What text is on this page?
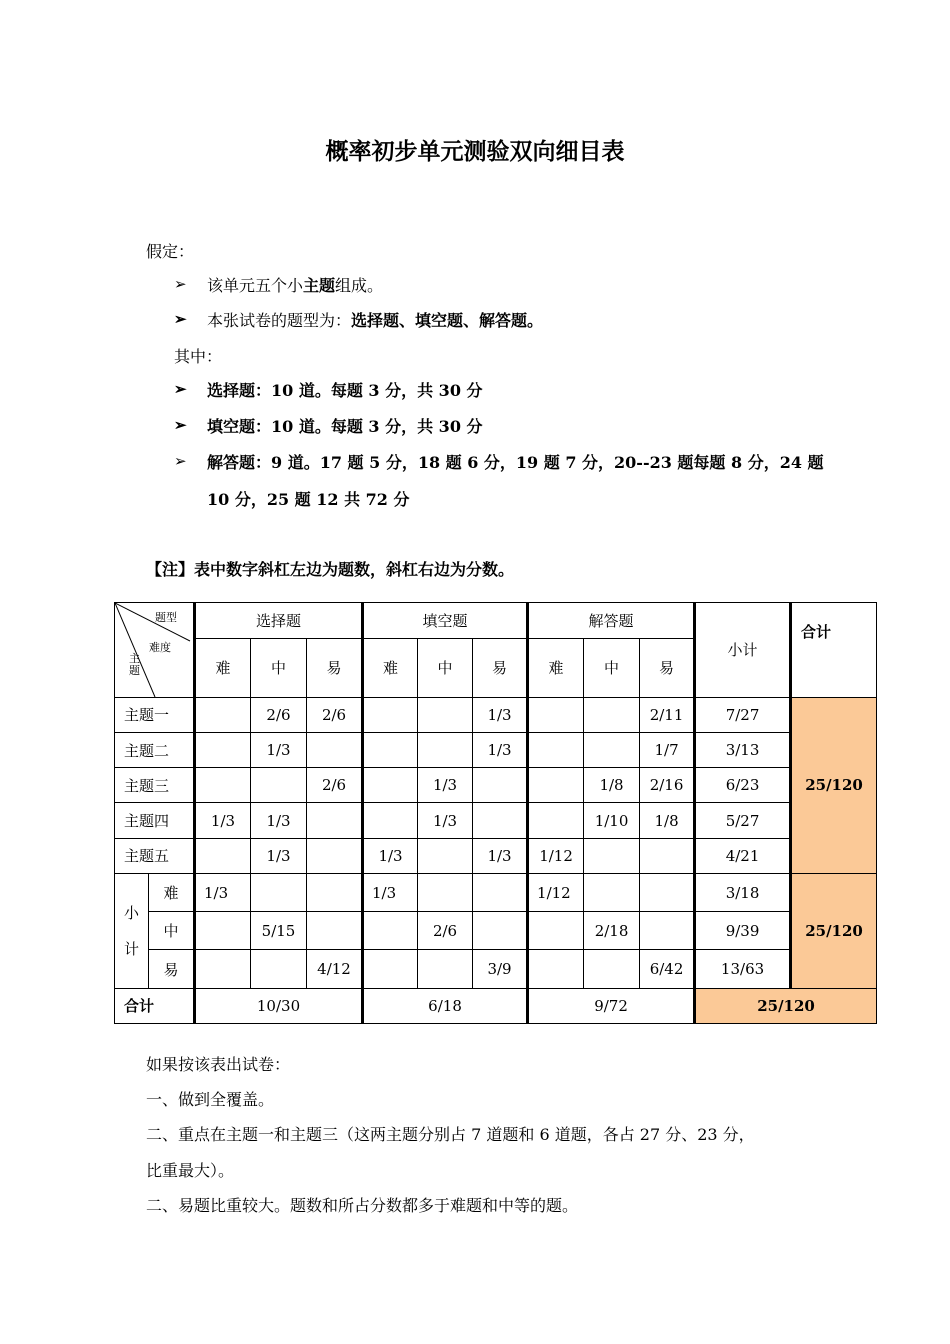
概率初步单元测验双向细目表
假定：
➢ 该单元五个小主题组成。
➢ 本张试卷的题型为：选择题、填空题、解答题。
其中：
➢ 选择题：10 道。每题 3 分，共 30 分
➢ 填空题：10 道。每题 3 分，共 30 分
➢ 解答题：9 道。17 题 5 分，18 题 6 分，19 题 7 分，20--23 题每题 8 分，24 题
10 分，25 题 12 共 72 分
【注】表中数字斜杠左边为题数，斜杠右边为分数。
题型
难度
主题		选择题			填空题			解答题			小计	合计
		难	中	易	难	中	易	难	中	易		
主题一			2/6	2/6			1/3			2/11	7/27	25/120
主题二			1/3				1/3			1/7	3/13	
主题三				2/6		1/3			1/8	2/16	6/23	
主题四		1/3	1/3			1/3			1/10	1/8	5/27	
主题五			1/3		1/3		1/3	1/12			4/21	
小 计	难	1/3			1/3			1/12			3/18	25/120
	中		5/15			2/6			2/18		9/39	
	易			4/12			3/9			6/42	13/63	
合计		10/30			6/18			9/72			25/120	
如果按该表出试卷：
一、做到全覆盖。
二、重点在主题一和主题三（这两主题分别占 7 道题和 6 道题，各占 27 分、23 分，
比重最大）。
二、易题比重较大。题数和所占分数都多于难题和中等的题。
